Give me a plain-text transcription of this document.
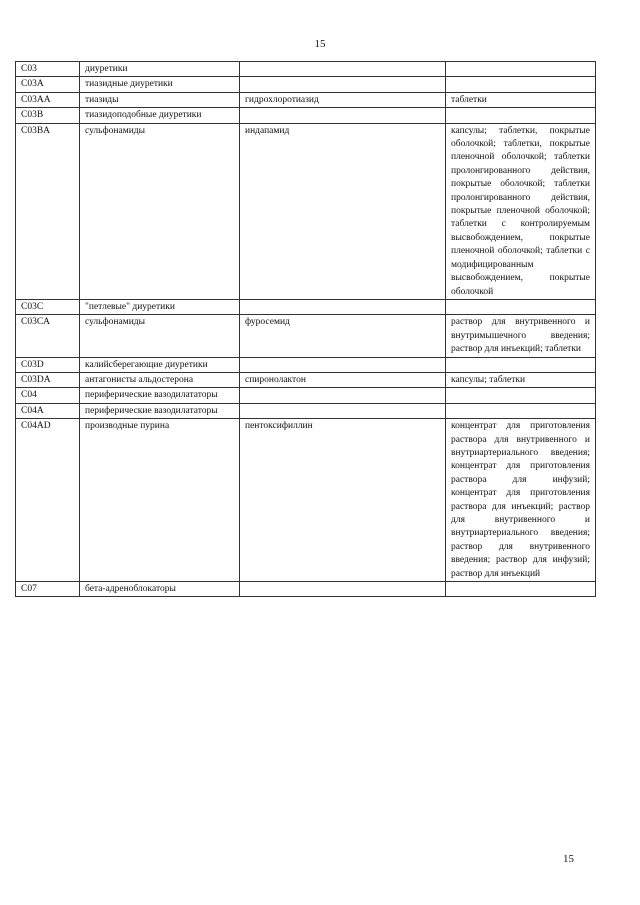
15
C03	диуретики		
C03A	тиазидные диуретики		
C03AA	тиазиды	гидрохлоротиазид	таблетки
C03B	тиазидоподобные диуретики		
C03BA	сульфонамиды	индапамид	капсулы; таблетки, покрытые оболочкой; таблетки, покрытые пленочной оболочкой; таблетки пролонгированного действия, покрытые оболочкой; таблетки пролонгированного действия, покрытые пленочной оболочкой; таблетки с контролируемым высвобождением, покрытые пленочной оболочкой; таблетки с модифицированным высвобождением, покрытые оболочкой
C03C	"петлевые" диуретики		
C03CA	сульфонамиды	фуросемид	раствор для внутривенного и внутримышечного введения; раствор для инъекций; таблетки
C03D	калийсберегающие диуретики		
C03DA	антагонисты альдостерона	спиронолактон	капсулы; таблетки
C04	периферические вазодилататоры		
C04A	периферические вазодилататоры		
C04AD	производные пурина	пентоксифиллин	концентрат для приготовления раствора для внутривенного и внутриартериального введения; концентрат для приготовления раствора для инфузий; концентрат для приготовления раствора для инъекций; раствор для внутривенного и внутриартериального введения; раствор для внутривенного введения; раствор для инфузий; раствор для инъекций
C07	бета-адреноблокаторы		
15
